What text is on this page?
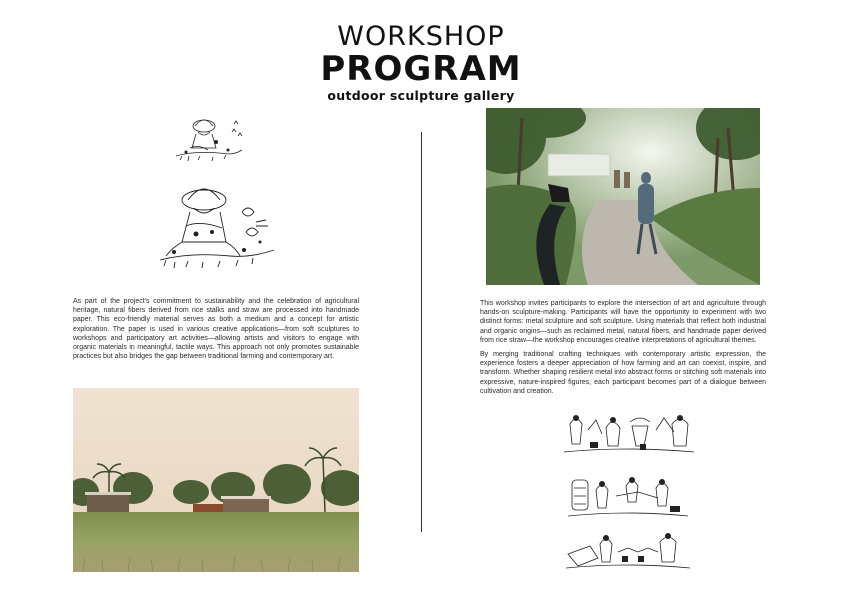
WORKSHOP
PROGRAM
outdoor sculpture gallery

As part of the project's commitment to sustainability and the celebration of agricultural heritage, natural fibers derived from rice stalks and straw are processed into handmade paper. This eco-friendly material serves as both a medium and a concept for artistic exploration. The paper is used in various creative applications—from soft sculptures to workshops and participatory art activities—allowing artists and visitors to engage with organic materials in meaningful, tactile ways. This approach not only promotes sustainable practices but also bridges the gap between traditional farming and contemporary art.

This workshop invites participants to explore the intersection of art and agriculture through hands-on sculpture-making. Participants will have the opportunity to experiment with two distinct forms: metal sculpture and soft sculpture. Using materials that reflect both industrial and organic origins—such as reclaimed metal, natural fibers, and handmade paper derived from rice straw—the workshop encourages creative interpretations of agricultural themes.

By merging traditional crafting techniques with contemporary artistic expression, the experience fosters a deeper appreciation of how farming and art can coexist, inspire, and transform. Whether shaping resilient metal into abstract forms or stitching soft materials into expressive, nature-inspired figures, each participant becomes part of a dialogue between cultivation and creation.
